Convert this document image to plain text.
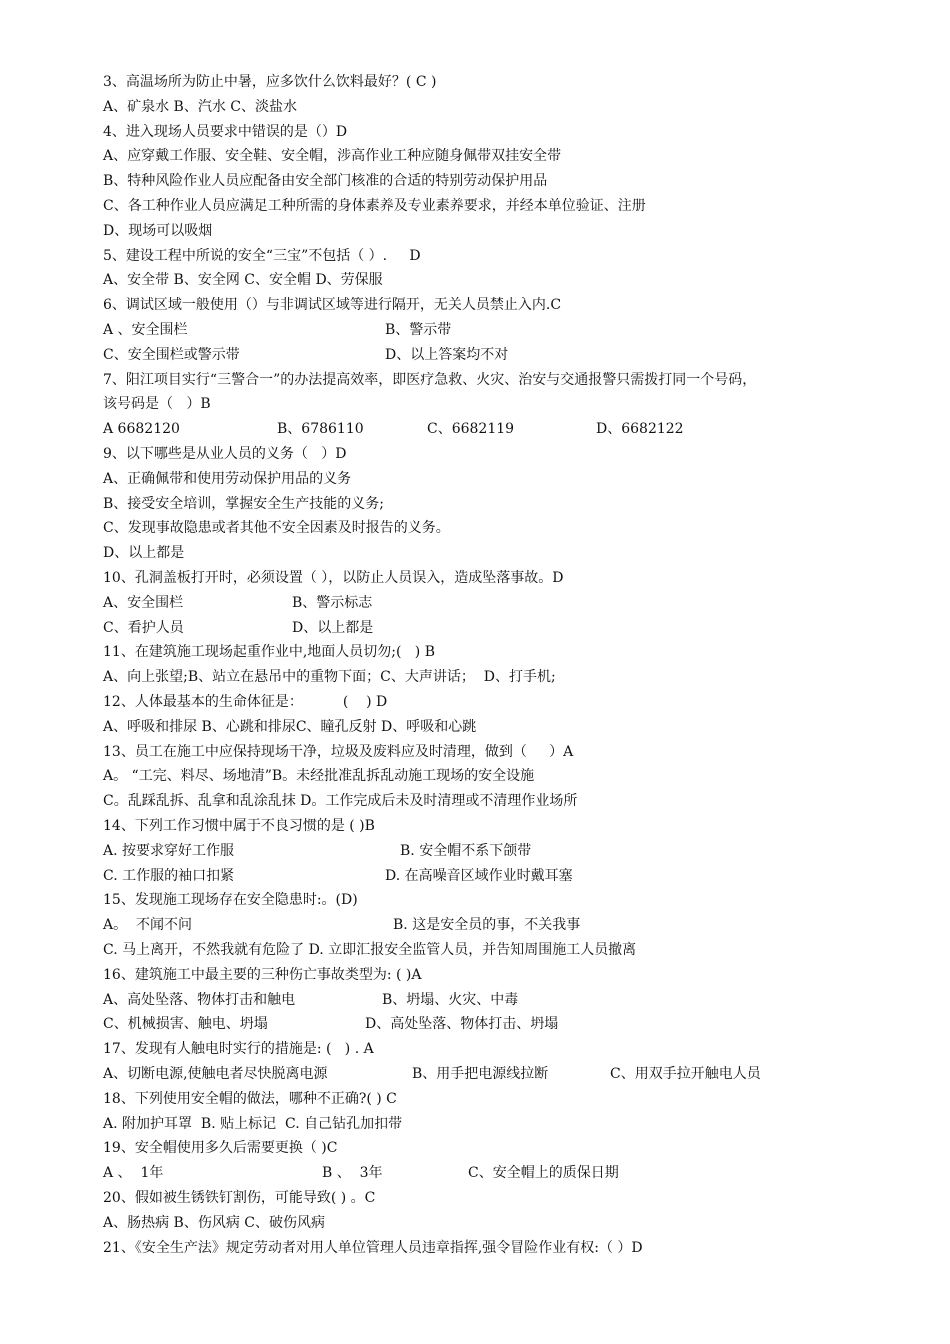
3、高温场所为防止中暑，应多饮什么饮料最好？( C )
A、矿泉水 B、汽水 C、淡盐水
4、进入现场人员要求中错误的是（）D
A、应穿戴工作服、安全鞋、安全帽，涉高作业工种应随身佩带双挂安全带
B、特种风险作业人员应配备由安全部门核准的合适的特别劳动保护用品
C、各工种作业人员应满足工种所需的身体素养及专业素养要求，并经本单位验证、注册
D、现场可以吸烟
5、建设工程中所说的安全“三宝”不包括（ ）.     D
A、安全带 B、安全网 C、安全帽 D、劳保服
6、调试区域一般使用（）与非调试区域等进行隔开，无关人员禁止入内.C
A 、安全围栏	B、警示带
C、安全围栏或警示带	D、以上答案均不对
7、阳江项目实行“三警合一”的办法提高效率，即医疗急救、火灾、治安与交通报警只需拨打同一个号码，
该号码是（   ）B
A 6682120	B、6786110	C、6682119	D、6682122
9、以下哪些是从业人员的义务（   ）D
A、正确佩带和使用劳动保护用品的义务
B、接受安全培训，掌握安全生产技能的义务;
C、发现事故隐患或者其他不安全因素及时报告的义务。
D、以上都是
10、孔洞盖板打开时，必须设置（ ），以防止人员误入，造成坠落事故。D
A、安全围栏	B、警示标志
C、看护人员	D、以上都是
11、在建筑施工现场起重作业中,地面人员切勿;(   ) B
A、向上张望;B、站立在悬吊中的重物下面；C、大声讲话；  D、打手机;
12、人体最基本的生命体征是：         (    ) D
A、呼吸和排尿 B、心跳和排尿C、瞳孔反射 D、呼吸和心跳
13、员工在施工中应保持现场干净，垃圾及废料应及时清理，做到（     ）A
A。 “工完、料尽、场地清”B。未经批准乱拆乱动施工现场的安全设施
C。乱踩乱拆、乱拿和乱涂乱抹 D。工作完成后未及时清理或不清理作业场所
14、下列工作习惯中属于不良习惯的是 ( )B
A. 按要求穿好工作服	B. 安全帽不系下颌带
C. 工作服的袖口扣紧	D. 在高噪音区域作业时戴耳塞
15、发现施工现场存在安全隐患时:。(D)
A。  不闻不问	B. 这是安全员的事，不关我事
C. 马上离开，不然我就有危险了 D. 立即汇报安全监管人员，并告知周围施工人员撤离
16、建筑施工中最主要的三种伤亡事故类型为: ( )A
A、高处坠落、物体打击和触电	B、坍塌、火灾、中毒
C、机械损害、触电、坍塌	D、高处坠落、物体打击、坍塌
17、发现有人触电时实行的措施是: (   ) . A
A、切断电源,使触电者尽快脱离电源	B、用手把电源线拉断	C、用双手拉开触电人员
18、下列使用安全帽的做法，哪种不正确?( ) C
A. 附加护耳罩  B. 贴上标记  C. 自己钻孔加扣带
19、安全帽使用多久后需要更换（ )C
A 、  1年	B 、  3年	C、安全帽上的质保日期
20、假如被生锈铁钉割伤，可能导致( ) 。C
A、肠热病 B、伤风病 C、破伤风病
21、《安全生产法》规定劳动者对用人单位管理人员违章指挥,强令冒险作业有权:（ ）D
